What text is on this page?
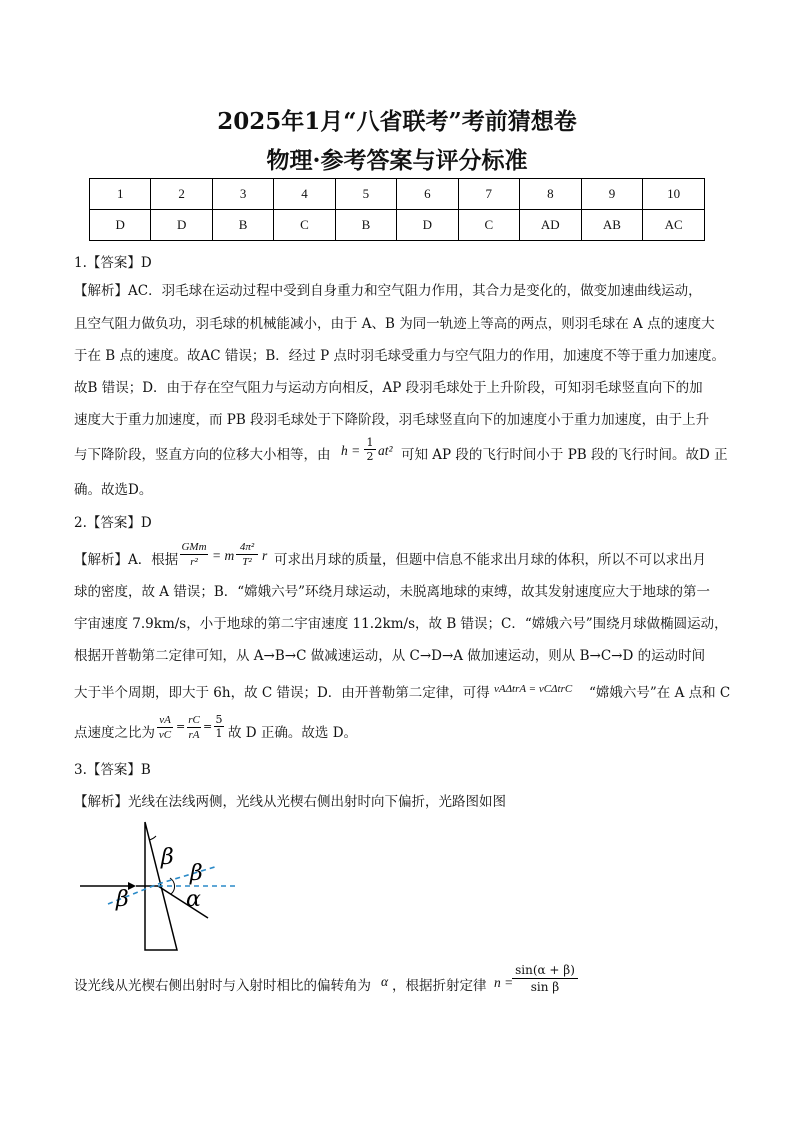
2025年1月“八省联考”考前猜想卷
物理·参考答案与评分标准
1	2	3	4	5	6	7	8	9	10
D	D	B	C	B	D	C	AD	AB	AC
1.【答案】D
【解析】AC．羽毛球在运动过程中受到自身重力和空气阻力作用，其合力是变化的，做变加速曲线运动，
且空气阻力做负功，羽毛球的机械能减小，由于 A、B 为同一轨迹上等高的两点，则羽毛球在 A 点的速度大
于在 B 点的速度。故AC 错误；B．经过 P 点时羽毛球受重力与空气阻力的作用，加速度不等于重力加速度。
故B 错误；D．由于存在空气阻力与运动方向相反，AP 段羽毛球处于上升阶段，可知羽毛球竖直向下的加
速度大于重力加速度，而 PB 段羽毛球处于下降阶段，羽毛球竖直向下的加速度小于重力加速度，由于上升
与下降阶段，竖直方向的位移大小相等，由 $h = \frac{1}{2} at^2$ 可知 AP 段的飞行时间小于 PB 段的飞行时间。故D 正
确。故选D。
2.【答案】D
【解析】A．根据
GMm
r²	= m $\frac{\text{4π²}}{\text{T²}}$ r 可求出月球的质量，但题中信息不能求出月球的体积，所以不可以求出月
球的密度，故 A 错误；B．“嫦娥六号”环绕月球运动，未脱离地球的束缚，故其发射速度应大于地球的第一
宇宙速度 7.9km/s，小于地球的第二宇宙速度 11.2km/s，故 B 错误；C．“嫦娥六号”围绕月球做椭圆运动，
根据开普勒第二定律可知，从 A→B→C 做减速运动，从 C→D→A 做加速运动，则从 B→C→D 的运动时间
大于半个周期，即大于 6h，故 C 错误；D．由开普勒第二定律，可得 vAΔtrA = vCΔtrC “嫦娥六号”在 A 点和 C
点速度之比为 $\frac{vA}{vC} = \frac{rC}{rA} = \frac{5}{1}$ 故 D 正确。故选 D。
3.【答案】B
【解析】光线在法线两侧，光线从光楔右侧出射时向下偏折，光路图如图
β
β
β
α
设光线从光楔右侧出射时与入射时相比的偏转角为 α ，根据折射定律 n =
$\frac{\sin(\alpha + \beta)}{\text{sin β}}$
